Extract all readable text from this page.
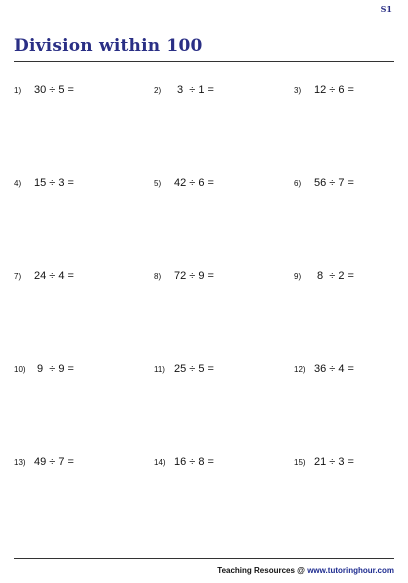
S1
Division within 100
1)	30 ÷ 5 =	2)	3  ÷ 1 =	3)	12 ÷ 6 =
4)	15 ÷ 3 =	5)	42 ÷ 6 =	6)	56 ÷ 7 =
7)	24 ÷ 4 =	8)	72 ÷ 9 =	9)	8  ÷ 2 =
10) 9  ÷ 9 =	11) 25 ÷ 5 =	12) 36 ÷ 4 =
13) 49 ÷ 7 =	14) 16 ÷ 8 =	15) 21 ÷ 3 =
Teaching Resources @ www.tutoringhour.com
